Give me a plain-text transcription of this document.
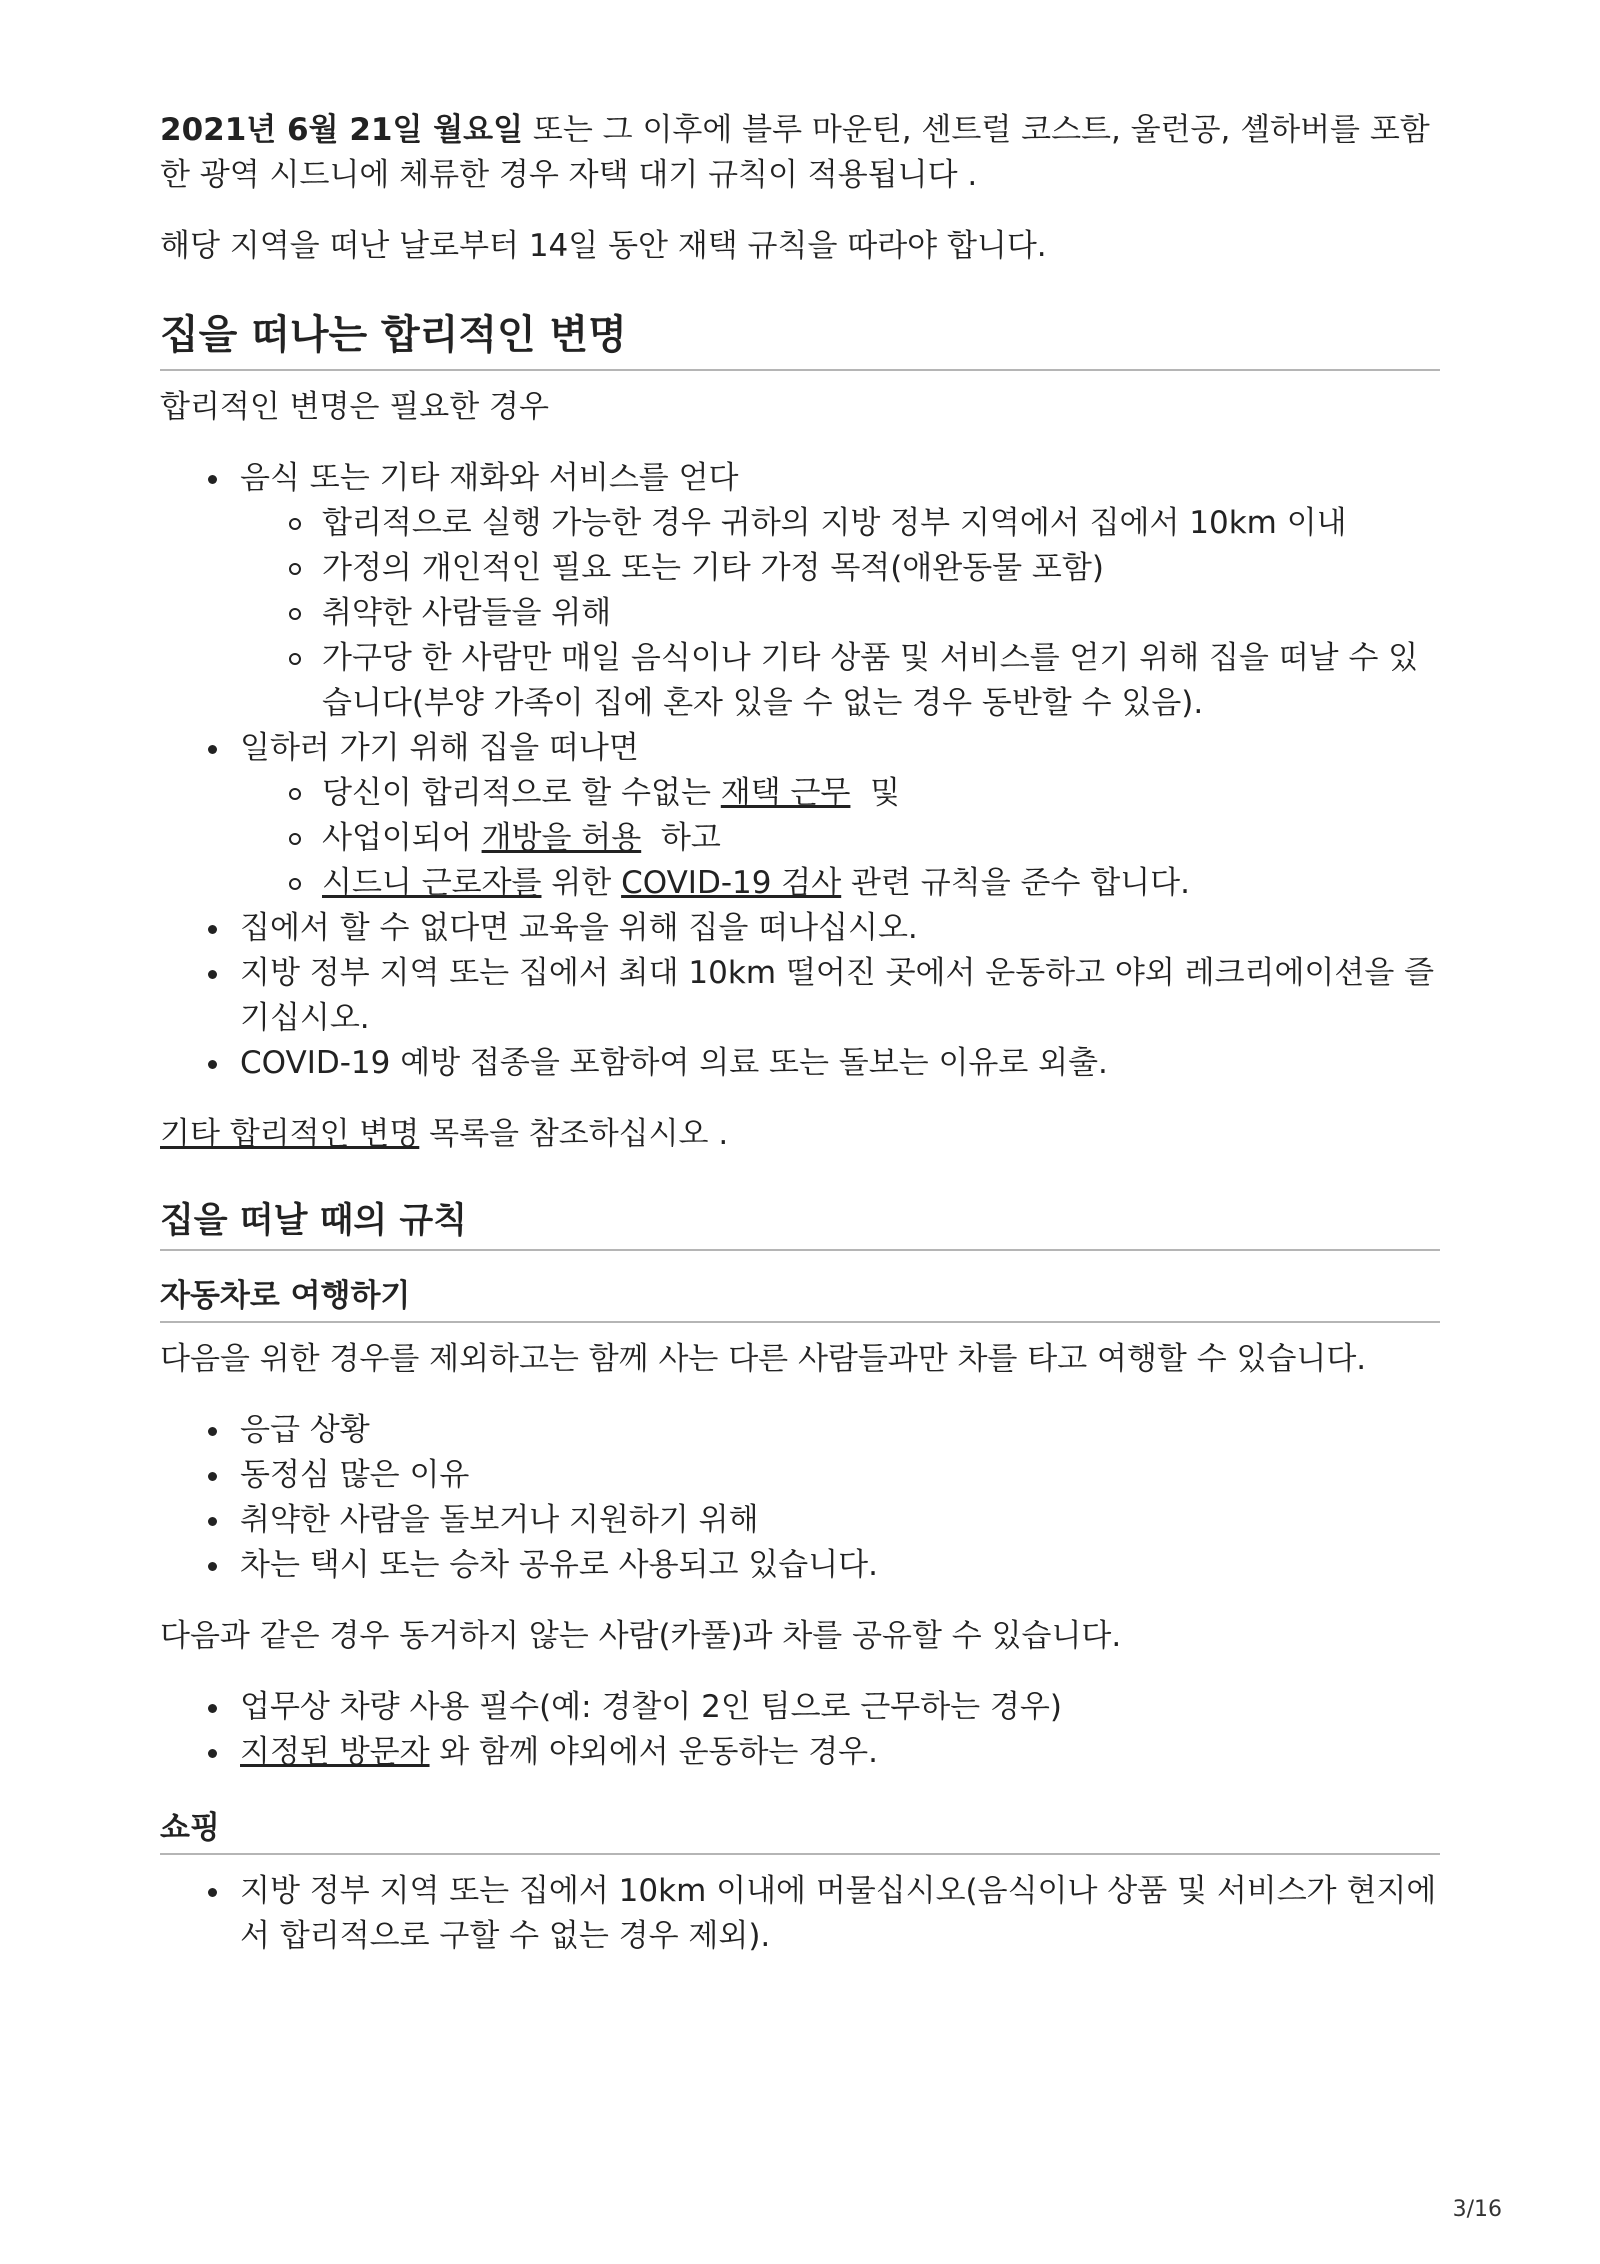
2021년 6월 21일 월요일 또는 그 이후에 블루 마운틴, 센트럴 코스트, 울런공, 셸하버를 포함한 광역 시드니에 체류한 경우 자택 대기 규칙이 적용됩니다 .

해당 지역을 떠난 날로부터 14일 동안 재택 규칙을 따라야 합니다.

집을 떠나는 합리적인 변명

합리적인 변명은 필요한 경우

음식 또는 기타 재화와 서비스를 얻다
합리적으로 실행 가능한 경우 귀하의 지방 정부 지역에서 집에서 10km 이내
가정의 개인적인 필요 또는 기타 가정 목적(애완동물 포함)
취약한 사람들을 위해
가구당 한 사람만 매일 음식이나 기타 상품 및 서비스를 얻기 위해 집을 떠날 수 있습니다(부양 가족이 집에 혼자 있을 수 없는 경우 동반할 수 있음).
일하러 가기 위해 집을 떠나면
당신이 합리적으로 할 수없는 재택 근무  및
사업이되어 개방을 허용  하고
시드니 근로자를 위한 COVID-19 검사 관련 규칙을 준수 합니다.
집에서 할 수 없다면 교육을 위해 집을 떠나십시오.
지방 정부 지역 또는 집에서 최대 10km 떨어진 곳에서 운동하고 야외 레크리에이션을 즐기십시오.
COVID-19 예방 접종을 포함하여 의료 또는 돌보는 이유로 외출.

기타 합리적인 변명 목록을 참조하십시오 .

집을 떠날 때의 규칙
자동차로 여행하기

다음을 위한 경우를 제외하고는 함께 사는 다른 사람들과만 차를 타고 여행할 수 있습니다.

응급 상황
동정심 많은 이유
취약한 사람을 돌보거나 지원하기 위해
차는 택시 또는 승차 공유로 사용되고 있습니다.

다음과 같은 경우 동거하지 않는 사람(카풀)과 차를 공유할 수 있습니다.

업무상 차량 사용 필수(예: 경찰이 2인 팀으로 근무하는 경우)
지정된 방문자 와 함께 야외에서 운동하는 경우.
쇼핑
지방 정부 지역 또는 집에서 10km 이내에 머물십시오(음식이나 상품 및 서비스가 현지에서 합리적으로 구할 수 없는 경우 제외).
3/16
